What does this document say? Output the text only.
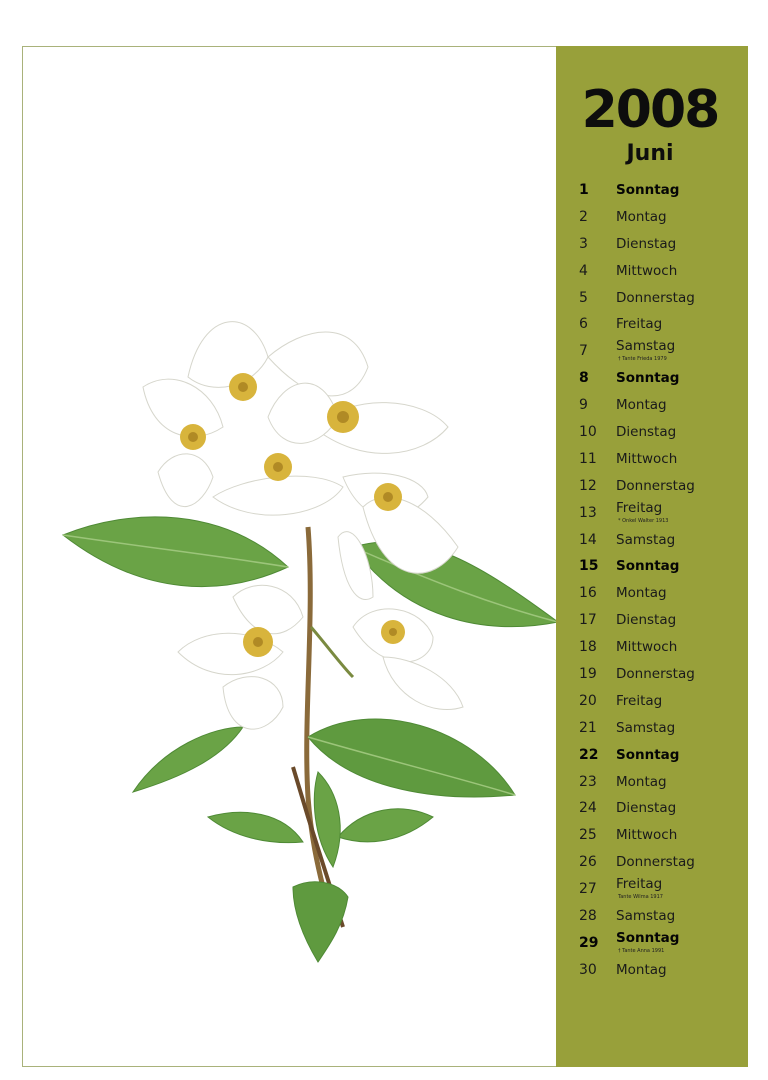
2008
Juni
1 Sonntag
2 Montag
3 Dienstag
4 Mittwoch
5 Donnerstag
6 Freitag
7 Samstag
† Tante Frieda 1979
8 Sonntag
9 Montag
10 Dienstag
11 Mittwoch
12 Donnerstag
13 Freitag
* Onkel Walter 1913
14 Samstag
15 Sonntag
16 Montag
17 Dienstag
18 Mittwoch
19 Donnerstag
20 Freitag
21 Samstag
22 Sonntag
23 Montag
24 Dienstag
25 Mittwoch
26 Donnerstag
27 Freitag
Tante Wilma 1917
28 Samstag
29 Sonntag
† Tante Anna 1991
30 Montag
